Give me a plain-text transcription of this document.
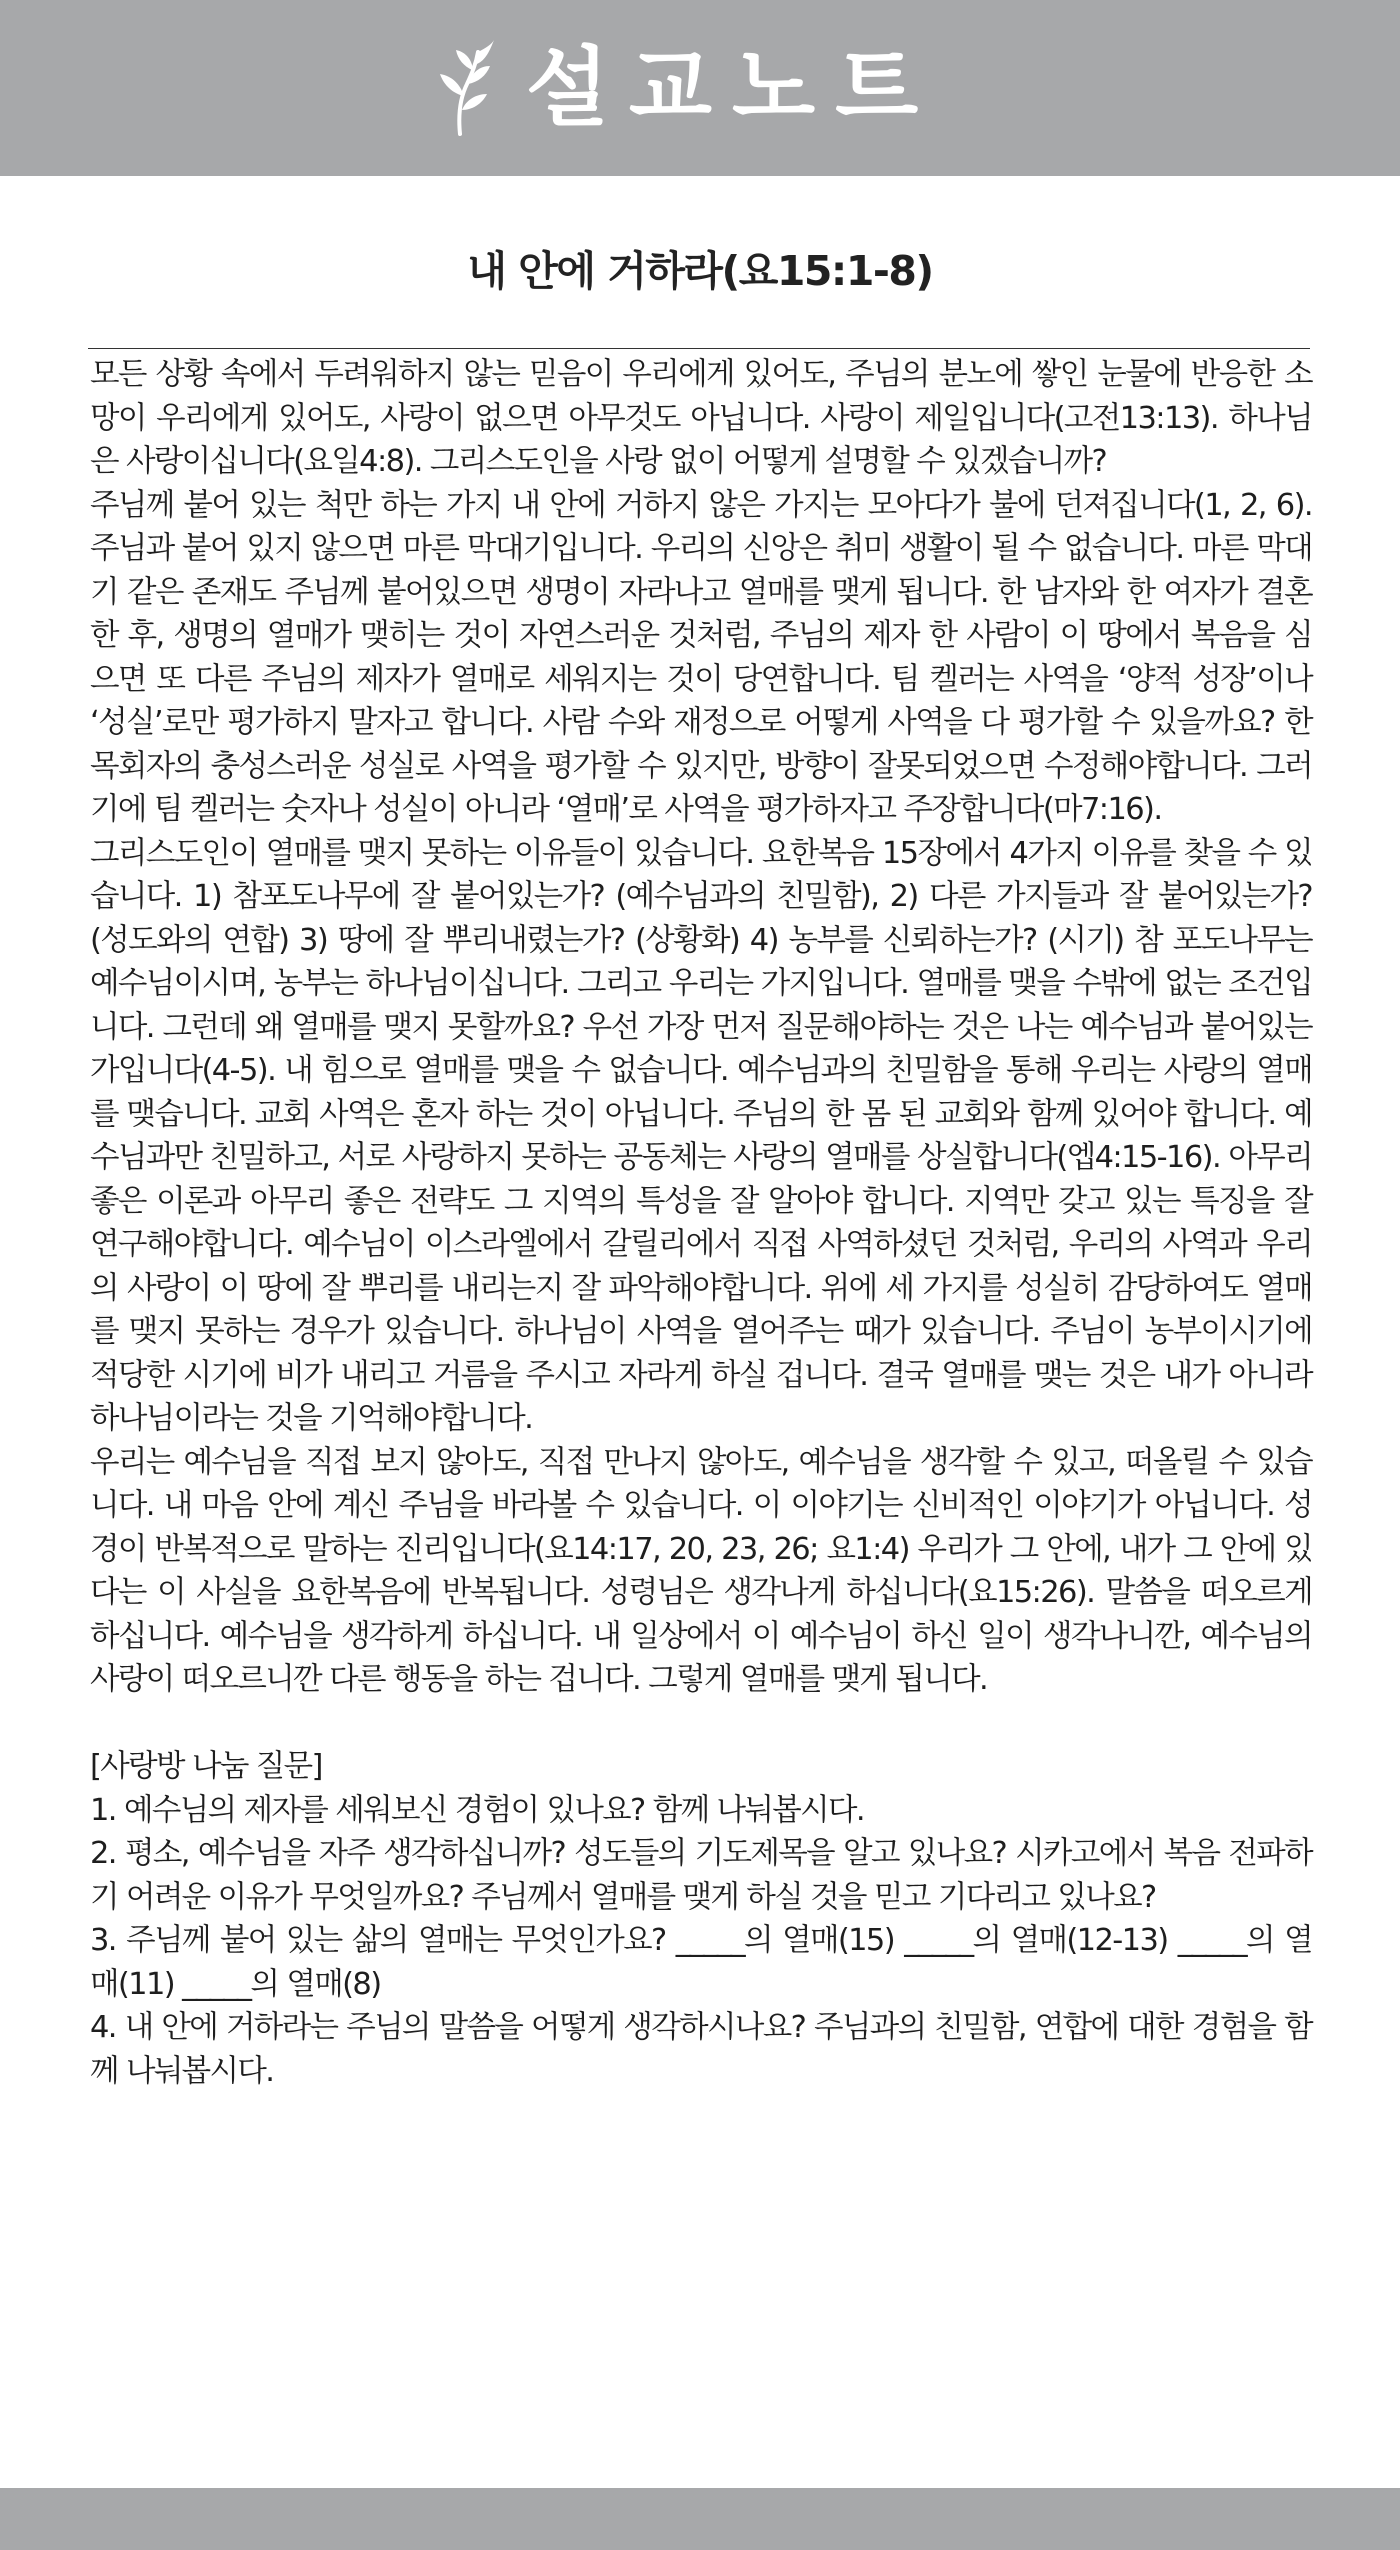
설교노트
내 안에 거하라(요15:1-8)

모든 상황 속에서 두려워하지 않는 믿음이 우리에게 있어도, 주님의 분노에 쌓인 눈물에 반응한 소망이 우리에게 있어도, 사랑이 없으면 아무것도 아닙니다. 사랑이 제일입니다(고전13:13). 하나님은 사랑이십니다(요일4:8). 그리스도인을 사랑 없이 어떻게 설명할 수 있겠습니까?

주님께 붙어 있는 척만 하는 가지 내 안에 거하지 않은 가지는 모아다가 불에 던져집니다(1, 2, 6). 주님과 붙어 있지 않으면 마른 막대기입니다. 우리의 신앙은 취미 생활이 될 수 없습니다. 마른 막대기 같은 존재도 주님께 붙어있으면 생명이 자라나고 열매를 맺게 됩니다. 한 남자와 한 여자가 결혼한 후, 생명의 열매가 맺히는 것이 자연스러운 것처럼, 주님의 제자 한 사람이 이 땅에서 복음을 심으면 또 다른 주님의 제자가 열매로 세워지는 것이 당연합니다. 팀 켈러는 사역을 ‘양적 성장’이나 ‘성실’로만 평가하지 말자고 합니다. 사람 수와 재정으로 어떻게 사역을 다 평가할 수 있을까요? 한 목회자의 충성스러운 성실로 사역을 평가할 수 있지만, 방향이 잘못되었으면 수정해야합니다. 그러기에 팀 켈러는 숫자나 성실이 아니라 ‘열매’로 사역을 평가하자고 주장합니다(마7:16).

그리스도인이 열매를 맺지 못하는 이유들이 있습니다. 요한복음 15장에서 4가지 이유를 찾을 수 있습니다. 1) 참포도나무에 잘 붙어있는가? (예수님과의 친밀함), 2) 다른 가지들과 잘 붙어있는가? (성도와의 연합) 3) 땅에 잘 뿌리내렸는가? (상황화) 4) 농부를 신뢰하는가? (시기) 참 포도나무는 예수님이시며, 농부는 하나님이십니다. 그리고 우리는 가지입니다. 열매를 맺을 수밖에 없는 조건입니다. 그런데 왜 열매를 맺지 못할까요? 우선 가장 먼저 질문해야하는 것은 나는 예수님과 붙어있는가입니다(4-5). 내 힘으로 열매를 맺을 수 없습니다. 예수님과의 친밀함을 통해 우리는 사랑의 열매를 맺습니다. 교회 사역은 혼자 하는 것이 아닙니다. 주님의 한 몸 된 교회와 함께 있어야 합니다. 예수님과만 친밀하고, 서로 사랑하지 못하는 공동체는 사랑의 열매를 상실합니다(엡4:15-16). 아무리 좋은 이론과 아무리 좋은 전략도 그 지역의 특성을 잘 알아야 합니다. 지역만 갖고 있는 특징을 잘 연구해야합니다. 예수님이 이스라엘에서 갈릴리에서 직접 사역하셨던 것처럼, 우리의 사역과 우리의 사랑이 이 땅에 잘 뿌리를 내리는지 잘 파악해야합니다. 위에 세 가지를 성실히 감당하여도 열매를 맺지 못하는 경우가 있습니다. 하나님이 사역을 열어주는 때가 있습니다. 주님이 농부이시기에 적당한 시기에 비가 내리고 거름을 주시고 자라게 하실 겁니다. 결국 열매를 맺는 것은 내가 아니라 하나님이라는 것을 기억해야합니다.

우리는 예수님을 직접 보지 않아도, 직접 만나지 않아도, 예수님을 생각할 수 있고, 떠올릴 수 있습니다. 내 마음 안에 계신 주님을 바라볼 수 있습니다. 이 이야기는 신비적인 이야기가 아닙니다. 성경이 반복적으로 말하는 진리입니다(요14:17, 20, 23, 26; 요1:4) 우리가 그 안에, 내가 그 안에 있다는 이 사실을 요한복음에 반복됩니다. 성령님은 생각나게 하십니다(요15:26). 말씀을 떠오르게 하십니다. 예수님을 생각하게 하십니다. 내 일상에서 이 예수님이 하신 일이 생각나니깐, 예수님의 사랑이 떠오르니깐 다른 행동을 하는 겁니다. 그렇게 열매를 맺게 됩니다.

[사랑방 나눔 질문]

1. 예수님의 제자를 세워보신 경험이 있나요? 함께 나눠봅시다.

2. 평소, 예수님을 자주 생각하십니까? 성도들의 기도제목을 알고 있나요? 시카고에서 복음 전파하기 어려운 이유가 무엇일까요? 주님께서 열매를 맺게 하실 것을 믿고 기다리고 있나요?

3. 주님께 붙어 있는 삶의 열매는 무엇인가요? _____의 열매(15) _____의 열매(12-13) _____의 열매(11) _____의 열매(8)

4. 내 안에 거하라는 주님의 말씀을 어떻게 생각하시나요? 주님과의 친밀함, 연합에 대한 경험을 함께 나눠봅시다.
